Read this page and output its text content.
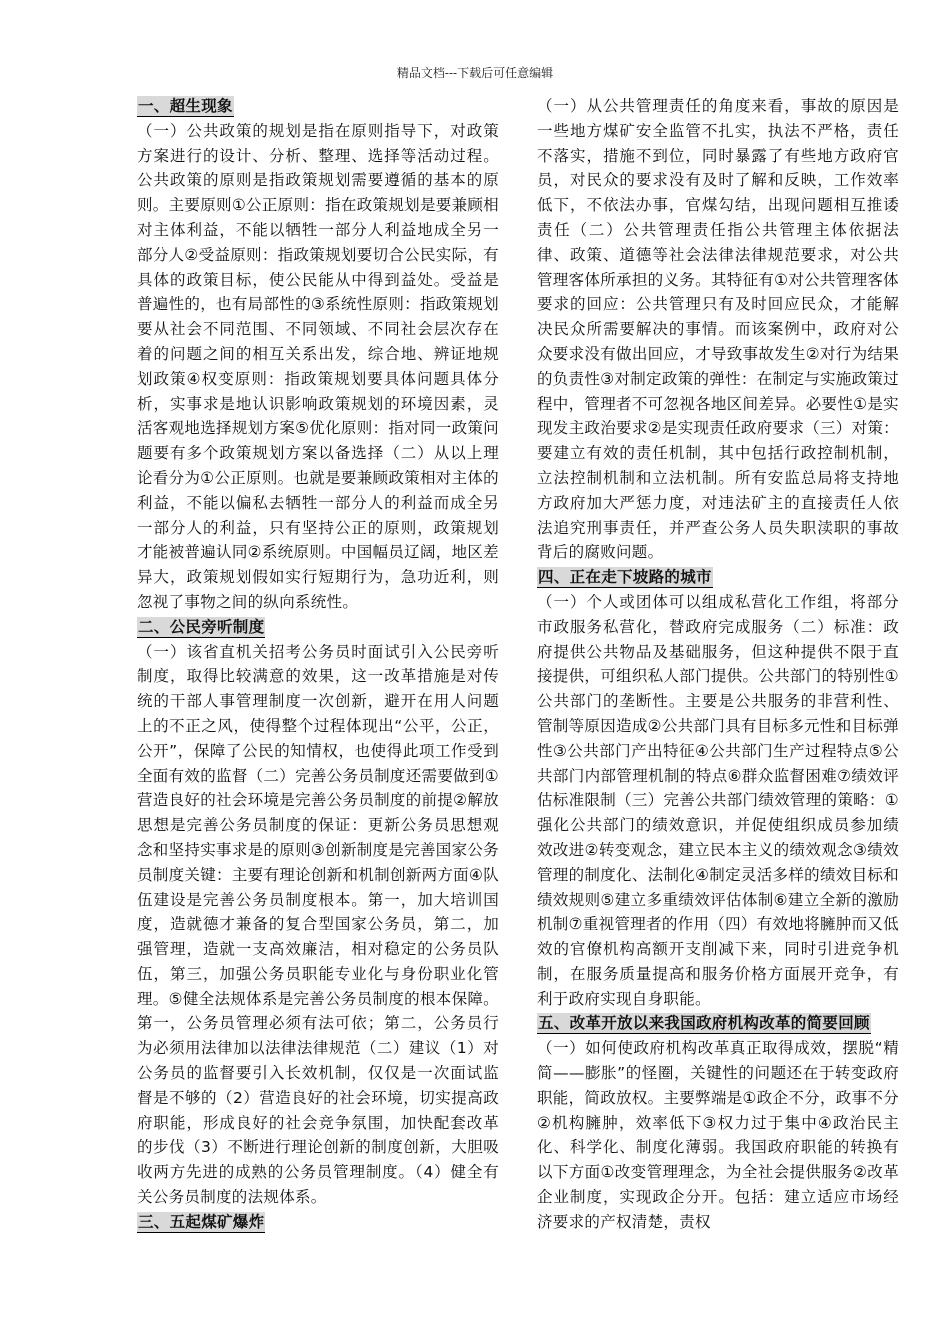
精品文档---下载后可任意编辑
一、超生现象

（一）公共政策的规划是指在原则指导下，对政策方案进行的设计、分析、整理、选择等活动过程。公共政策的原则是指政策规划需要遵循的基本的原则。主要原则①公正原则：指在政策规划是要兼顾相对主体利益，不能以牺牲一部分人利益地成全另一部分人②受益原则：指政策规划要切合公民实际，有具体的政策目标，使公民能从中得到益处。受益是普遍性的，也有局部性的③系统性原则：指政策规划要从社会不同范围、不同领域、不同社会层次存在着的问题之间的相互关系出发，综合地、辨证地规划政策④权变原则：指政策规划要具体问题具体分析，实事求是地认识影响政策规划的环境因素，灵活客观地选择规划方案⑤优化原则：指对同一政策问题要有多个政策规划方案以备选择（二）从以上理论看分为①公正原则。也就是要兼顾政策相对主体的利益，不能以偏私去牺牲一部分人的利益而成全另一部分人的利益，只有坚持公正的原则，政策规划才能被普遍认同②系统原则。中国幅员辽阔，地区差异大，政策规划假如实行短期行为，急功近利，则忽视了事物之间的纵向系统性。

二、公民旁听制度

（一）该省直机关招考公务员时面试引入公民旁听制度，取得比较满意的效果，这一改革措施是对传统的干部人事管理制度一次创新，避开在用人问题上的不正之风，使得整个过程体现出“公平，公正，公开”，保障了公民的知情权，也使得此项工作受到全面有效的监督（二）完善公务员制度还需要做到①营造良好的社会环境是完善公务员制度的前提②解放思想是完善公务员制度的保证：更新公务员思想观念和坚持实事求是的原则③创新制度是完善国家公务员制度关键：主要有理论创新和机制创新两方面④队伍建设是完善公务员制度根本。第一，加大培训国度，造就德才兼备的复合型国家公务员，第二，加强管理，造就一支高效廉洁，相对稳定的公务员队伍，第三，加强公务员职能专业化与身份职业化管理。⑤健全法规体系是完善公务员制度的根本保障。第一，公务员管理必须有法可依；第二，公务员行为必须用法律加以法律法律规范（二）建议（1）对公务员的监督要引入长效机制，仅仅是一次面试监督是不够的（2）营造良好的社会环境，切实提高政府职能，形成良好的社会竞争氛围，加快配套改革的步伐（3）不断进行理论创新的制度创新，大胆吸收两方先进的成熟的公务员管理制度。（4）健全有关公务员制度的法规体系。

三、五起煤矿爆炸

（一）从公共管理责任的角度来看，事故的原因是一些地方煤矿安全监管不扎实，执法不严格，责任不落实，措施不到位，同时暴露了有些地方政府官员，对民众的要求没有及时了解和反映，工作效率低下，不依法办事，官煤勾结，出现问题相互推诿责任（二）公共管理责任指公共管理主体依据法律、政策、道德等社会法律法律规范要求，对公共管理客体所承担的义务。其特征有①对公共管理客体要求的回应：公共管理只有及时回应民众，才能解决民众所需要解决的事情。而该案例中，政府对公众要求没有做出回应，才导致事故发生②对行为结果的负责性③对制定政策的弹性：在制定与实施政策过程中，管理者不可忽视各地区间差异。必要性①是实现发主政治要求②是实现责任政府要求（三）对策：要建立有效的责任机制，其中包括行政控制机制，立法控制机制和立法机制。所有安监总局将支持地方政府加大严惩力度，对违法矿主的直接责任人依法追究刑事责任，并严查公务人员失职渎职的事故背后的腐败问题。

四、正在走下坡路的城市

（一）个人或团体可以组成私营化工作组，将部分市政服务私营化，替政府完成服务（二）标准：政府提供公共物品及基础服务，但这种提供不限于直接提供，可组织私人部门提供。公共部门的特别性①公共部门的垄断性。主要是公共服务的非营利性、管制等原因造成②公共部门具有目标多元性和目标弹性③公共部门产出特征④公共部门生产过程特点⑤公共部门内部管理机制的特点⑥群众监督困难⑦绩效评估标准限制（三）完善公共部门绩效管理的策略：①强化公共部门的绩效意识，并促使组织成员参加绩效改进②转变观念，建立民本主义的绩效观念③绩效管理的制度化、法制化④制定灵活多样的绩效目标和绩效规则⑤建立多重绩效评估体制⑥建立全新的激励机制⑦重视管理者的作用（四）有效地将臃肿而又低效的官僚机构高额开支削减下来，同时引进竞争机制，在服务质量提高和服务价格方面展开竞争，有利于政府实现自身职能。

五、改革开放以来我国政府机构改革的简要回顾

（一）如何使政府机构改革真正取得成效，摆脱“精简——膨胀”的怪圈，关键性的问题还在于转变政府职能，简政放权。主要弊端是①政企不分，政事不分②机构臃肿，效率低下③权力过于集中④政治民主化、科学化、制度化薄弱。我国政府职能的转换有以下方面①改变管理理念，为全社会提供服务②改革企业制度，实现政企分开。包括：建立适应市场经济要求的产权清楚，责权
